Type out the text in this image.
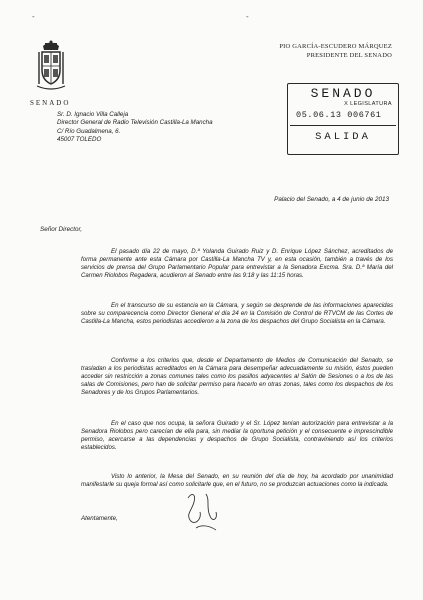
-	-
SENADO
PIO GARCÍA-ESCUDERO MÁRQUEZ
PRESIDENTE DEL SENADO
SENADO
X LEGISLATURA
05.06.13 006761
SALIDA
Sr. D. Ignacio Villa Calleja
Director General de Radio Televisión Castilla-La Mancha
C/ Río Guadalmena, 6.
45007 TOLEDO
Palacio del Senado, a 4 de junio de 2013
Señor Director,
El pasado día 22 de mayo, D.ª Yolanda Guirado Ruiz y D. Enrique López Sánchez, acreditados de forma permanente ante esta Cámara por Castilla-La Mancha TV y, en esta ocasión, también a través de los servicios de prensa del Grupo Parlamentario Popular para entrevistar a la Senadora Excma. Sra. D.ª María del Carmen Riolobos Regadera, acudieron al Senado entre las 9:18 y las 11:15 horas.
En el transcurso de su estancia en la Cámara, y según se desprende de las informaciones aparecidas sobre su comparecencia como Director General el día 24 en la Comisión de Control de RTVCM de las Cortes de Castilla-La Mancha, estos periodistas accedieron a la zona de los despachos del Grupo Socialista en la Cámara.
Conforme a los criterios que, desde el Departamento de Medios de Comunicación del Senado, se trasladan a los periodistas acreditados en la Cámara para desempeñar adecuadamente su misión, éstos pueden acceder sin restricción a zonas comunes tales como los pasillos adyacentes al Salón de Sesiones o a los de las salas de Comisiones, pero han de solicitar permiso para hacerlo en otras zonas, tales como los despachos de los Senadores y de los Grupos Parlamentarios.
En el caso que nos ocupa, la señora Guirado y el Sr. López tenían autorización para entrevistar a la Senadora Riolobos pero carecían de ella para, sin mediar la oportuna petición y el consecuente e imprescindible permiso, acercarse a las dependencias y despachos de Grupo Socialista, contraviniendo así los criterios establecidos.
Visto lo anterior, la Mesa del Senado, en su reunión del día de hoy, ha acordado por unanimidad manifestarle su queja formal así como solicitarle que, en el futuro, no se produzcan actuaciones como la indicada.
Atentamente,
